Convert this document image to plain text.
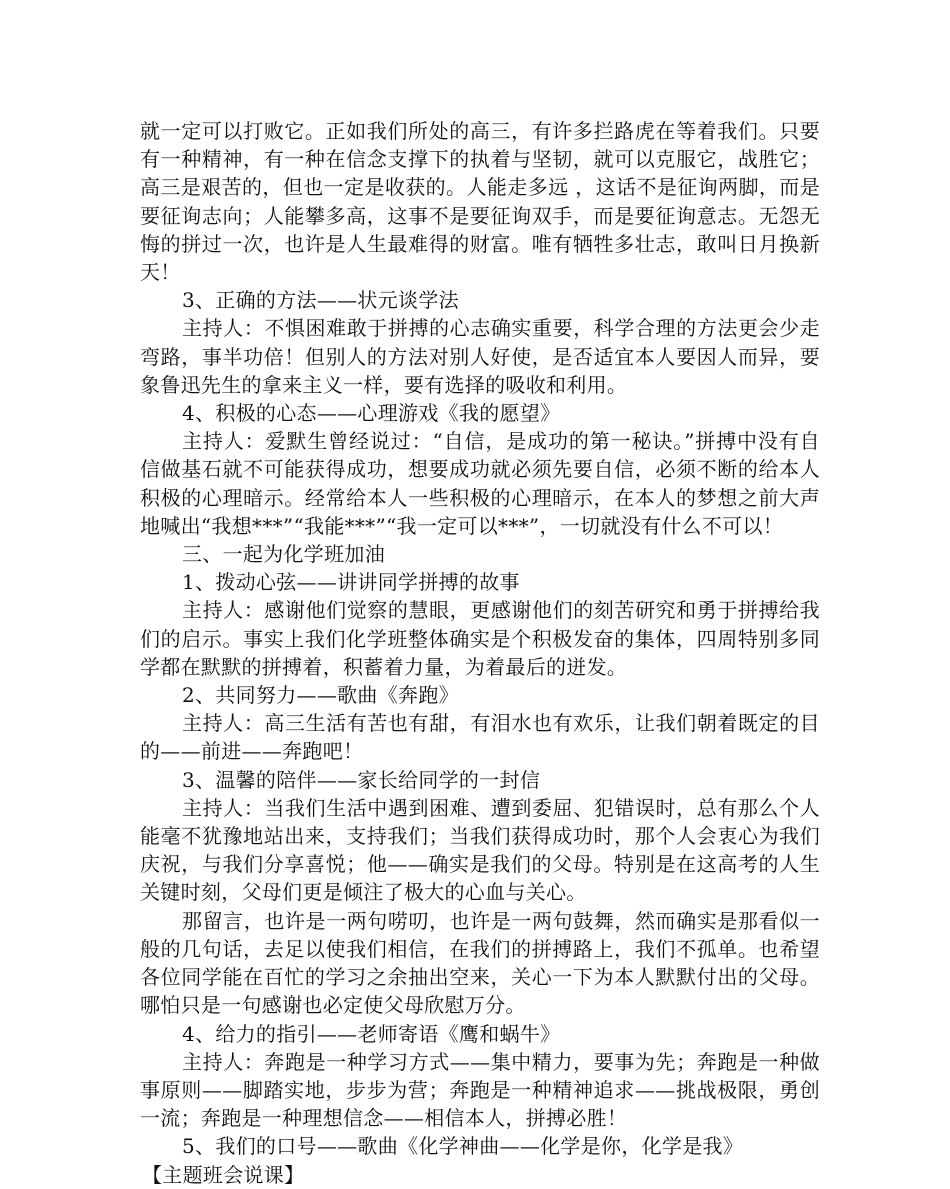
就一定可以打败它。正如我们所处的高三，有许多拦路虎在等着我们。只要有一种精神，有一种在信念支撑下的执着与坚韧，就可以克服它，战胜它；高三是艰苦的，但也一定是收获的。人能走多远 ，这话不是征询两脚，而是要征询志向；人能攀多高，这事不是要征询双手，而是要征询意志。无怨无悔的拼过一次，也许是人生最难得的财富。唯有牺牲多壮志，敢叫日月换新天！

3、正确的方法——状元谈学法

主持人：不惧困难敢于拼搏的心志确实重要，科学合理的方法更会少走弯路，事半功倍！但别人的方法对别人好使，是否适宜本人要因人而异，要象鲁迅先生的拿来主义一样，要有选择的吸收和利用。

4、积极的心态——心理游戏《我的愿望》

主持人：爱默生曾经说过：“自信，是成功的第一秘诀。”拼搏中没有自信做基石就不可能获得成功，想要成功就必须先要自信，必须不断的给本人积极的心理暗示。经常给本人一些积极的心理暗示，在本人的梦想之前大声地喊出“我想***”“我能***”“我一定可以***”，一切就没有什么不可以！

三、一起为化学班加油

1、拨动心弦——讲讲同学拼搏的故事

主持人：感谢他们觉察的慧眼，更感谢他们的刻苦研究和勇于拼搏给我们的启示。事实上我们化学班整体确实是个积极发奋的集体，四周特别多同学都在默默的拼搏着，积蓄着力量，为着最后的迸发。

2、共同努力——歌曲《奔跑》

主持人：高三生活有苦也有甜，有泪水也有欢乐，让我们朝着既定的目的——前进——奔跑吧！

3、温馨的陪伴——家长给同学的一封信

主持人：当我们生活中遇到困难、遭到委屈、犯错误时，总有那么个人能毫不犹豫地站出来，支持我们；当我们获得成功时，那个人会衷心为我们庆祝，与我们分享喜悦；他——确实是我们的父母。特别是在这高考的人生关键时刻，父母们更是倾注了极大的心血与关心。

那留言，也许是一两句唠叨，也许是一两句鼓舞，然而确实是那看似一般的几句话，去足以使我们相信，在我们的拼搏路上，我们不孤单。也希望各位同学能在百忙的学习之余抽出空来，关心一下为本人默默付出的父母。哪怕只是一句感谢也必定使父母欣慰万分。

4、给力的指引——老师寄语《鹰和蜗牛》

主持人：奔跑是一种学习方式——集中精力，要事为先；奔跑是一种做事原则——脚踏实地，步步为营；奔跑是一种精神追求——挑战极限，勇创一流；奔跑是一种理想信念——相信本人，拼搏必胜！

5、我们的口号——歌曲《化学神曲——化学是你，化学是我》

【主题班会说课】
